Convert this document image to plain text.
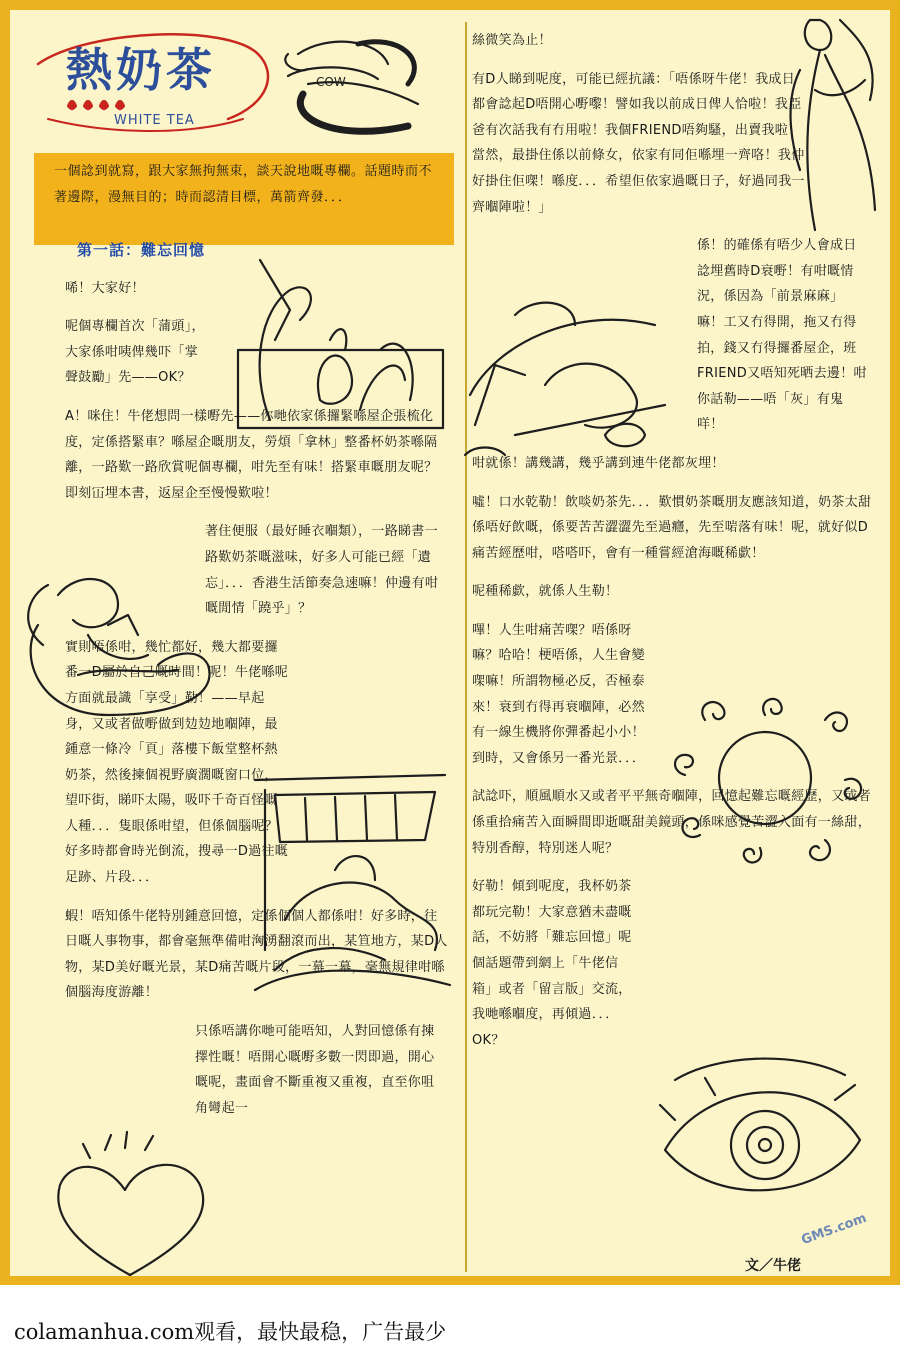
熱奶茶
WHITE TEA
COW
一個諗到就寫，跟大家無拘無束，談天說地嘅專欄。話題時而不著邊際，漫無目的；時而認清目標，萬箭齊發．．．

第一話：難忘回憶

唏！大家好！

呢個專欄首次「蒲頭」，大家係咁咦俾幾吓「掌聲鼓勵」先——OK？

A！咪住！牛佬想問一樣嘢先——你哋依家係攞緊喺屋企張梳化度，定係搭緊車？喺屋企嘅朋友，勞煩「拿林」整番杯奶茶喺隔離，一路歎一路欣賞呢個專欄，咁先至有味！搭緊車嘅朋友呢？即刻冚埋本書，返屋企至慢慢歎啦！

著住便服（最好睡衣嗰類），一路睇書一路歎奶茶嘅滋味，好多人可能已經「遺忘」．．．香港生活節奏急速嘛！仲邊有咁嘅閒情「蹺乎」？

實則唔係咁，幾忙都好，幾大都要攞番一D屬於自己嘅時間！呢！牛佬喺呢方面就最識「享受」勒！——早起身，又或者做嘢做到攰攰地嗰陣，最鍾意一條冷「頁」落樓下飯堂整杯熱奶茶，然後揀個視野廣濶嘅窗口位，望吓街，睇吓太陽，吸吓千奇百怪嘅人種．．．隻眼係咁望，但係個腦呢？好多時都會時光倒流，搜尋一D過往嘅足跡、片段．．．

蝦！唔知係牛佬特別鍾意回憶，定係個個人都係咁！好多時，往日嘅人事物事，都會毫無準備咁洶湧翻滾而出，某笪地方，某D人物，某D美好嘅光景，某D痛苦嘅片段，一幕一幕，毫無規律咁喺個腦海度游離！

只係唔講你哋可能唔知，人對回憶係有揀擇性嘅！唔開心嘅嘢多數一閃即過，開心嘅呢，畫面會不斷重複又重複，直至你咀角彎起一

絲微笑為止！

有D人睇到呢度，可能已經抗議：「唔係呀牛佬！我成日都會諗起D唔開心嘢嚟！譬如我以前成日俾人恰啦！我亞爸有次話我有冇用啦！我個FRIEND唔夠騷，出賣我啦！當然，最掛住係以前條女，依家有同佢喺埋一齊咯！我仲好掛住佢㗎！喺度．．．希望佢依家過嘅日子，好過同我一齊嗰陣啦！」

係！的確係有唔少人會成日諗埋舊時D衰嘢！有咁嘅情況，係因為「前景麻麻」嘛！工又冇得開，拖又冇得拍，錢又冇得攞番屋企，班FRIEND又唔知死晒去邊！咁你話勒——唔「灰」有鬼咩！

咁就係！講幾講，幾乎講到連牛佬都灰埋！

噓！口水乾勒！飲啖奶茶先．．．歎慣奶茶嘅朋友應該知道，奶茶太甜係唔好飲嘅，係要苦苦澀澀先至過癮，先至啱落有味！呢，就好似D痛苦經歷咁，嗒嗒吓，會有一種嘗經滄海嘅稀歔！

呢種稀歔，就係人生勒！

嗶！人生咁痛苦㗎？唔係呀嘛？哈哈！梗唔係，人生會變㗎嘛！所謂物極必反，否極泰來！衰到冇得再衰嗰陣，必然有一線生機將你彈番起小小！到時，又會係另一番光景．．．

試諗吓，順風順水又或者平平無奇嗰陣，回憶起難忘嘅經歷，又或者係重拾痛苦入面瞬間即逝嘅甜美鏡頭，係咪感覺苦澀入面有一絲甜，特別香醇，特別迷人呢？

好勒！傾到呢度，我杯奶茶都玩完勒！大家意猶未盡嘅話，不妨將「難忘回憶」呢個話題帶到網上「牛佬信箱」或者「留言版」交流，我哋喺嗰度，再傾過．．．OK？

GMS.com
文／牛佬
colamanhua.com观看，最快最稳，广告最少
